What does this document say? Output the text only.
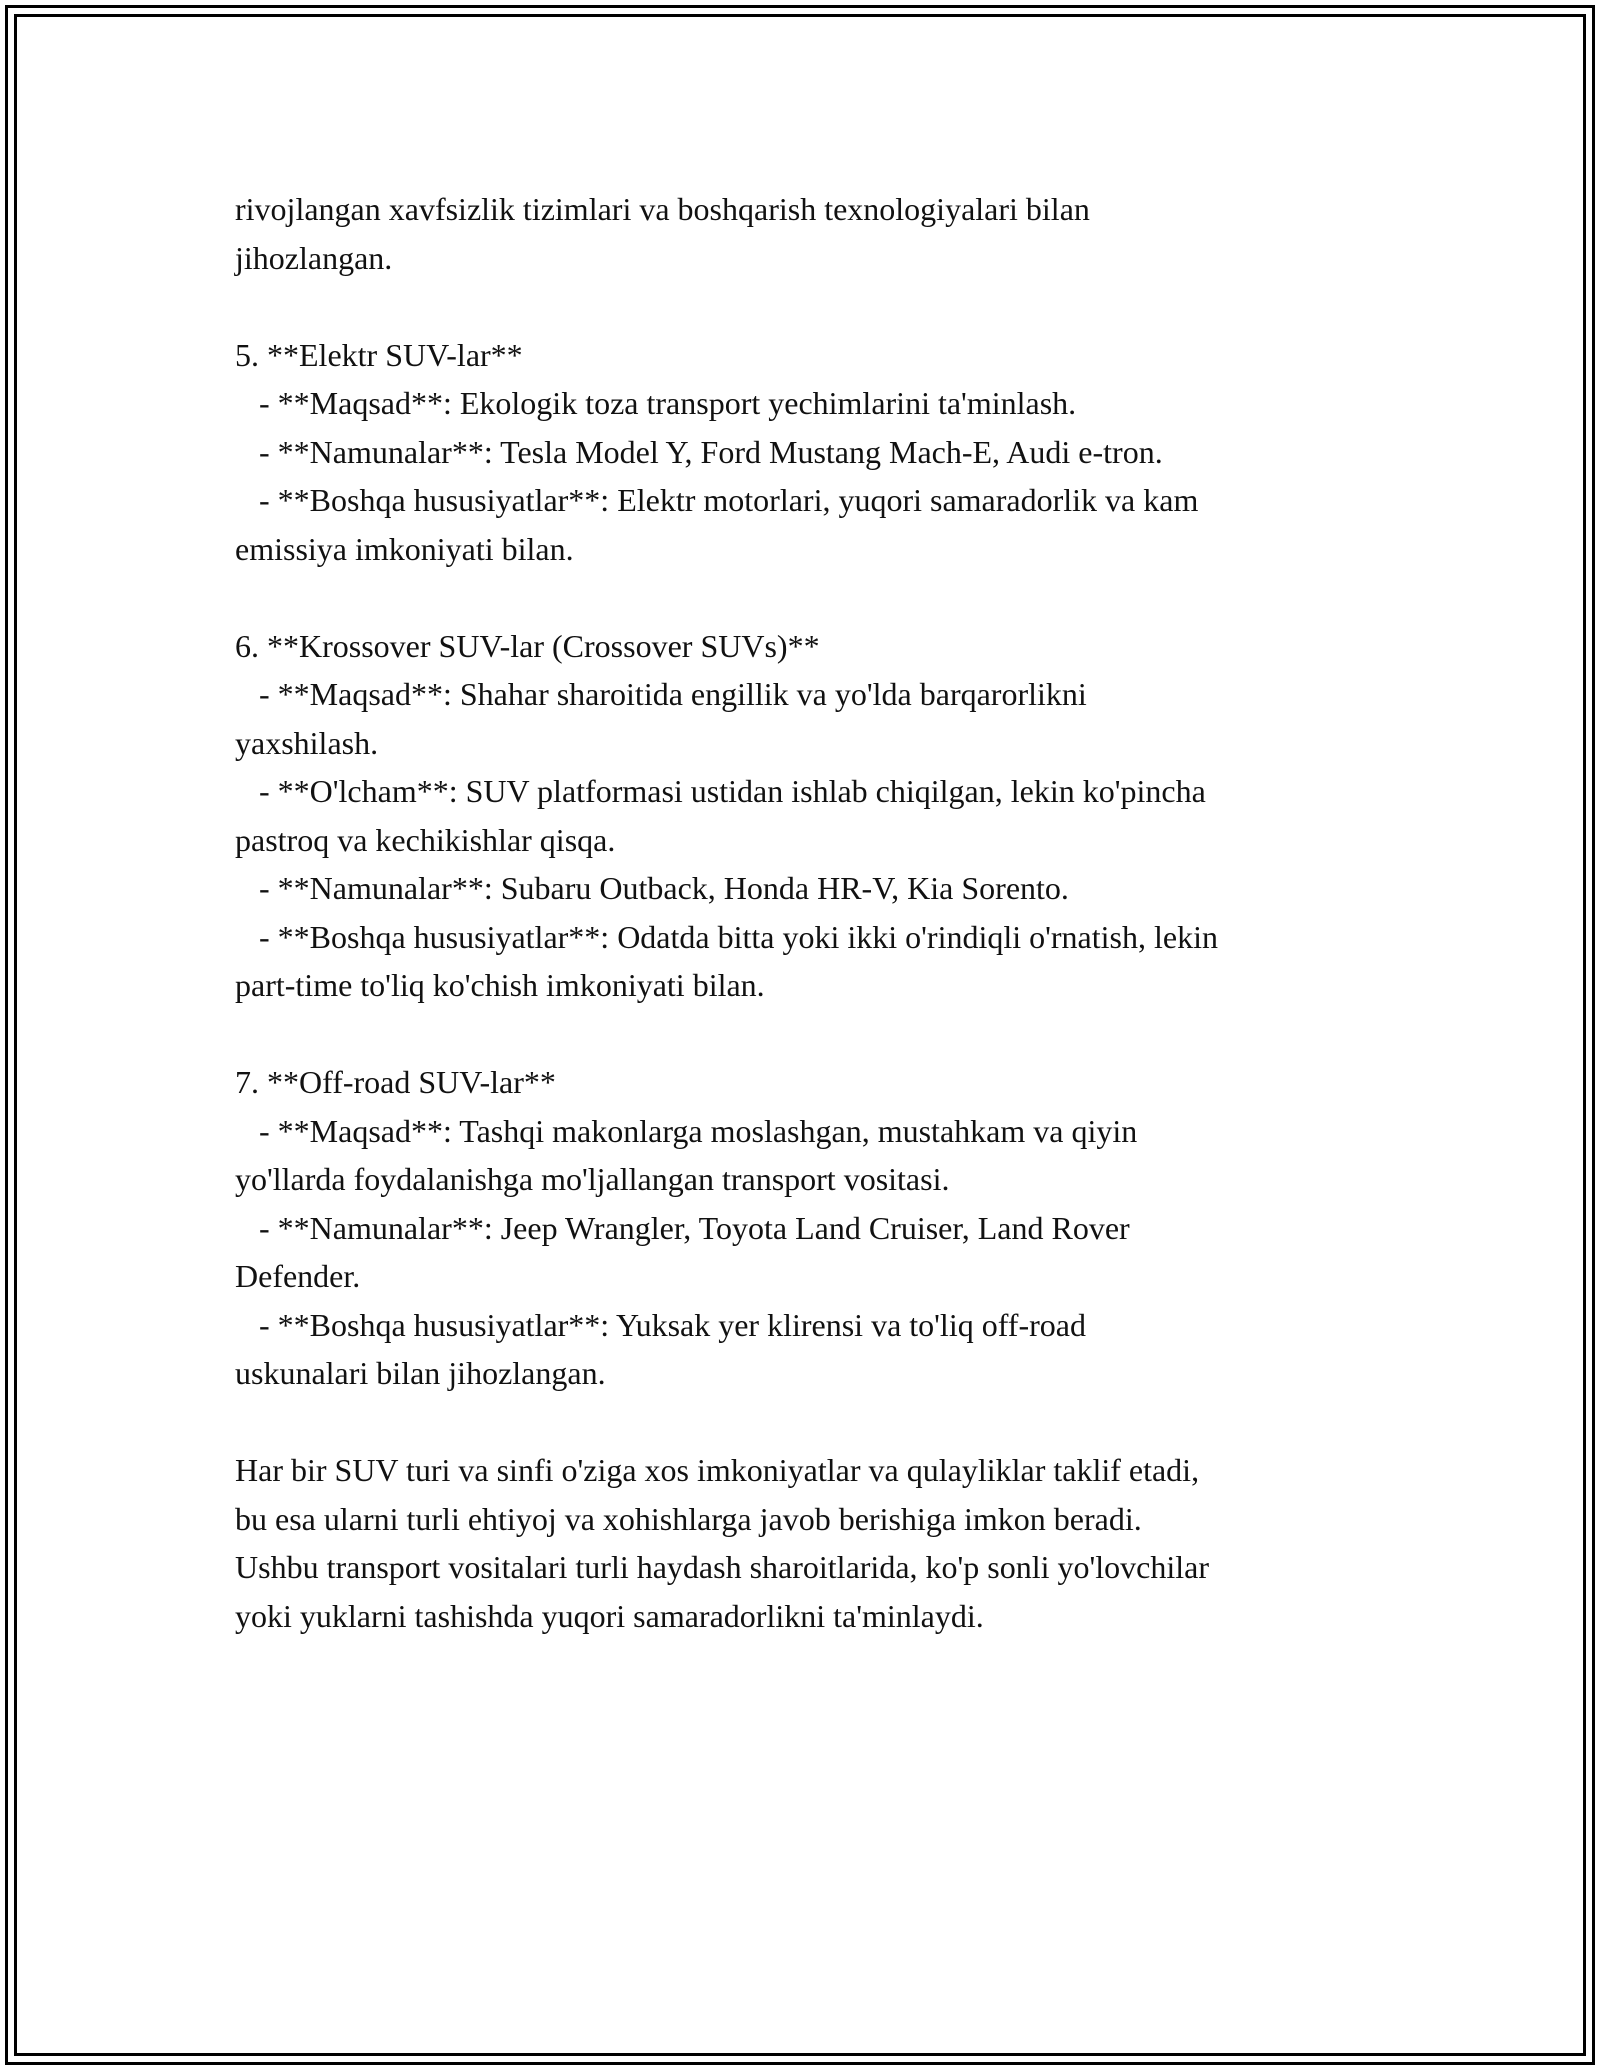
rivojlangan xavfsizlik tizimlari va boshqarish texnologiyalari bilan
jihozlangan.
5. **Elektr SUV-lar**
- **Maqsad**: Ekologik toza transport yechimlarini ta'minlash.
- **Namunalar**: Tesla Model Y, Ford Mustang Mach-E, Audi e-tron.
- **Boshqa hususiyatlar**: Elektr motorlari, yuqori samaradorlik va kam
emissiya imkoniyati bilan.
6. **Krossover SUV-lar (Crossover SUVs)**
- **Maqsad**: Shahar sharoitida engillik va yo'lda barqarorlikni
yaxshilash.
- **O'lcham**: SUV platformasi ustidan ishlab chiqilgan, lekin ko'pincha
pastroq va kechikishlar qisqa.
- **Namunalar**: Subaru Outback, Honda HR-V, Kia Sorento.
- **Boshqa hususiyatlar**: Odatda bitta yoki ikki o'rindiqli o'rnatish, lekin
part-time to'liq ko'chish imkoniyati bilan.
7. **Off-road SUV-lar**
- **Maqsad**: Tashqi makonlarga moslashgan, mustahkam va qiyin
yo'llarda foydalanishga mo'ljallangan transport vositasi.
- **Namunalar**: Jeep Wrangler, Toyota Land Cruiser, Land Rover
Defender.
- **Boshqa hususiyatlar**: Yuksak yer klirensi va to'liq off-road
uskunalari bilan jihozlangan.
Har bir SUV turi va sinfi o'ziga xos imkoniyatlar va qulayliklar taklif etadi,
bu esa ularni turli ehtiyoj va xohishlarga javob berishiga imkon beradi.
Ushbu transport vositalari turli haydash sharoitlarida, ko'p sonli yo'lovchilar
yoki yuklarni tashishda yuqori samaradorlikni ta'minlaydi.
